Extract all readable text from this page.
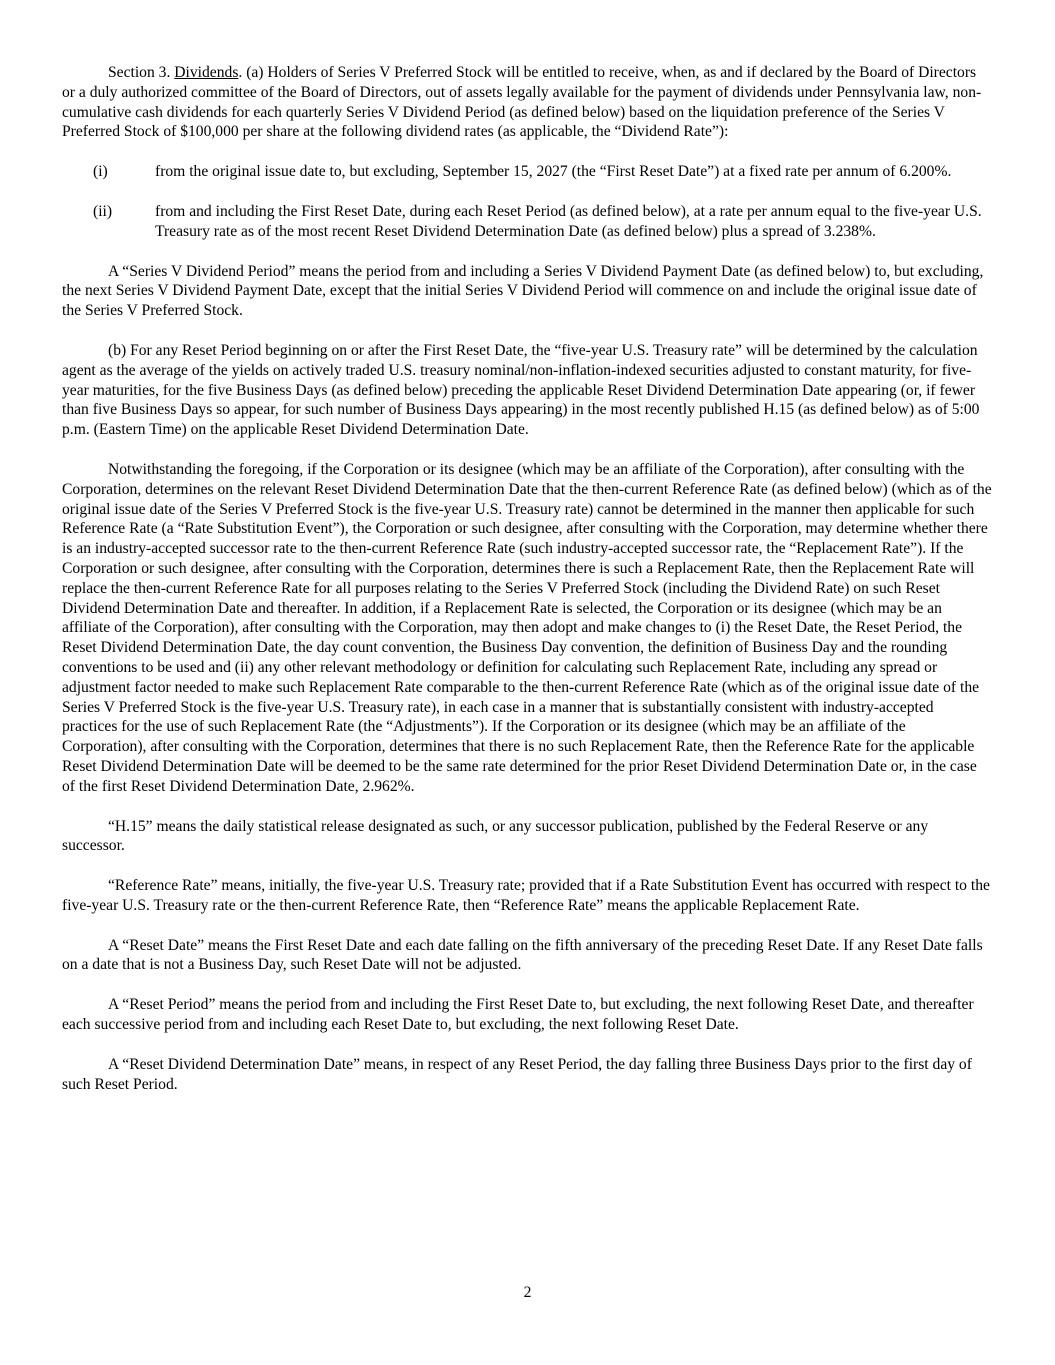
Section 3. Dividends. (a) Holders of Series V Preferred Stock will be entitled to receive, when, as and if declared by the Board of Directors or a duly authorized committee of the Board of Directors, out of assets legally available for the payment of dividends under Pennsylvania law, non-cumulative cash dividends for each quarterly Series V Dividend Period (as defined below) based on the liquidation preference of the Series V Preferred Stock of $100,000 per share at the following dividend rates (as applicable, the “Dividend Rate”):

(i)	from the original issue date to, but excluding, September 15, 2027 (the “First Reset Date”) at a fixed rate per annum of 6.200%.
(ii)	from and including the First Reset Date, during each Reset Period (as defined below), at a rate per annum equal to the five-year U.S. Treasury rate as of the most recent Reset Dividend Determination Date (as defined below) plus a spread of 3.238%.

A “Series V Dividend Period” means the period from and including a Series V Dividend Payment Date (as defined below) to, but excluding, the next Series V Dividend Payment Date, except that the initial Series V Dividend Period will commence on and include the original issue date of the Series V Preferred Stock.

(b) For any Reset Period beginning on or after the First Reset Date, the “five-year U.S. Treasury rate” will be determined by the calculation agent as the average of the yields on actively traded U.S. treasury nominal/non-inflation-indexed securities adjusted to constant maturity, for five-year maturities, for the five Business Days (as defined below) preceding the applicable Reset Dividend Determination Date appearing (or, if fewer than five Business Days so appear, for such number of Business Days appearing) in the most recently published H.15 (as defined below) as of 5:00 p.m. (Eastern Time) on the applicable Reset Dividend Determination Date.

Notwithstanding the foregoing, if the Corporation or its designee (which may be an affiliate of the Corporation), after consulting with the Corporation, determines on the relevant Reset Dividend Determination Date that the then-current Reference Rate (as defined below) (which as of the original issue date of the Series V Preferred Stock is the five-year U.S. Treasury rate) cannot be determined in the manner then applicable for such Reference Rate (a “Rate Substitution Event”), the Corporation or such designee, after consulting with the Corporation, may determine whether there is an industry-accepted successor rate to the then-current Reference Rate (such industry-accepted successor rate, the “Replacement Rate”). If the Corporation or such designee, after consulting with the Corporation, determines there is such a Replacement Rate, then the Replacement Rate will replace the then-current Reference Rate for all purposes relating to the Series V Preferred Stock (including the Dividend Rate) on such Reset Dividend Determination Date and thereafter. In addition, if a Replacement Rate is selected, the Corporation or its designee (which may be an affiliate of the Corporation), after consulting with the Corporation, may then adopt and make changes to (i) the Reset Date, the Reset Period, the Reset Dividend Determination Date, the day count convention, the Business Day convention, the definition of Business Day and the rounding conventions to be used and (ii) any other relevant methodology or definition for calculating such Replacement Rate, including any spread or adjustment factor needed to make such Replacement Rate comparable to the then-current Reference Rate (which as of the original issue date of the Series V Preferred Stock is the five-year U.S. Treasury rate), in each case in a manner that is substantially consistent with industry-accepted practices for the use of such Replacement Rate (the “Adjustments”). If the Corporation or its designee (which may be an affiliate of the Corporation), after consulting with the Corporation, determines that there is no such Replacement Rate, then the Reference Rate for the applicable Reset Dividend Determination Date will be deemed to be the same rate determined for the prior Reset Dividend Determination Date or, in the case of the first Reset Dividend Determination Date, 2.962%.

“H.15” means the daily statistical release designated as such, or any successor publication, published by the Federal Reserve or any successor.

“Reference Rate” means, initially, the five-year U.S. Treasury rate; provided that if a Rate Substitution Event has occurred with respect to the five-year U.S. Treasury rate or the then-current Reference Rate, then “Reference Rate” means the applicable Replacement Rate.

A “Reset Date” means the First Reset Date and each date falling on the fifth anniversary of the preceding Reset Date. If any Reset Date falls on a date that is not a Business Day, such Reset Date will not be adjusted.

A “Reset Period” means the period from and including the First Reset Date to, but excluding, the next following Reset Date, and thereafter each successive period from and including each Reset Date to, but excluding, the next following Reset Date.

A “Reset Dividend Determination Date” means, in respect of any Reset Period, the day falling three Business Days prior to the first day of such Reset Period.

2
